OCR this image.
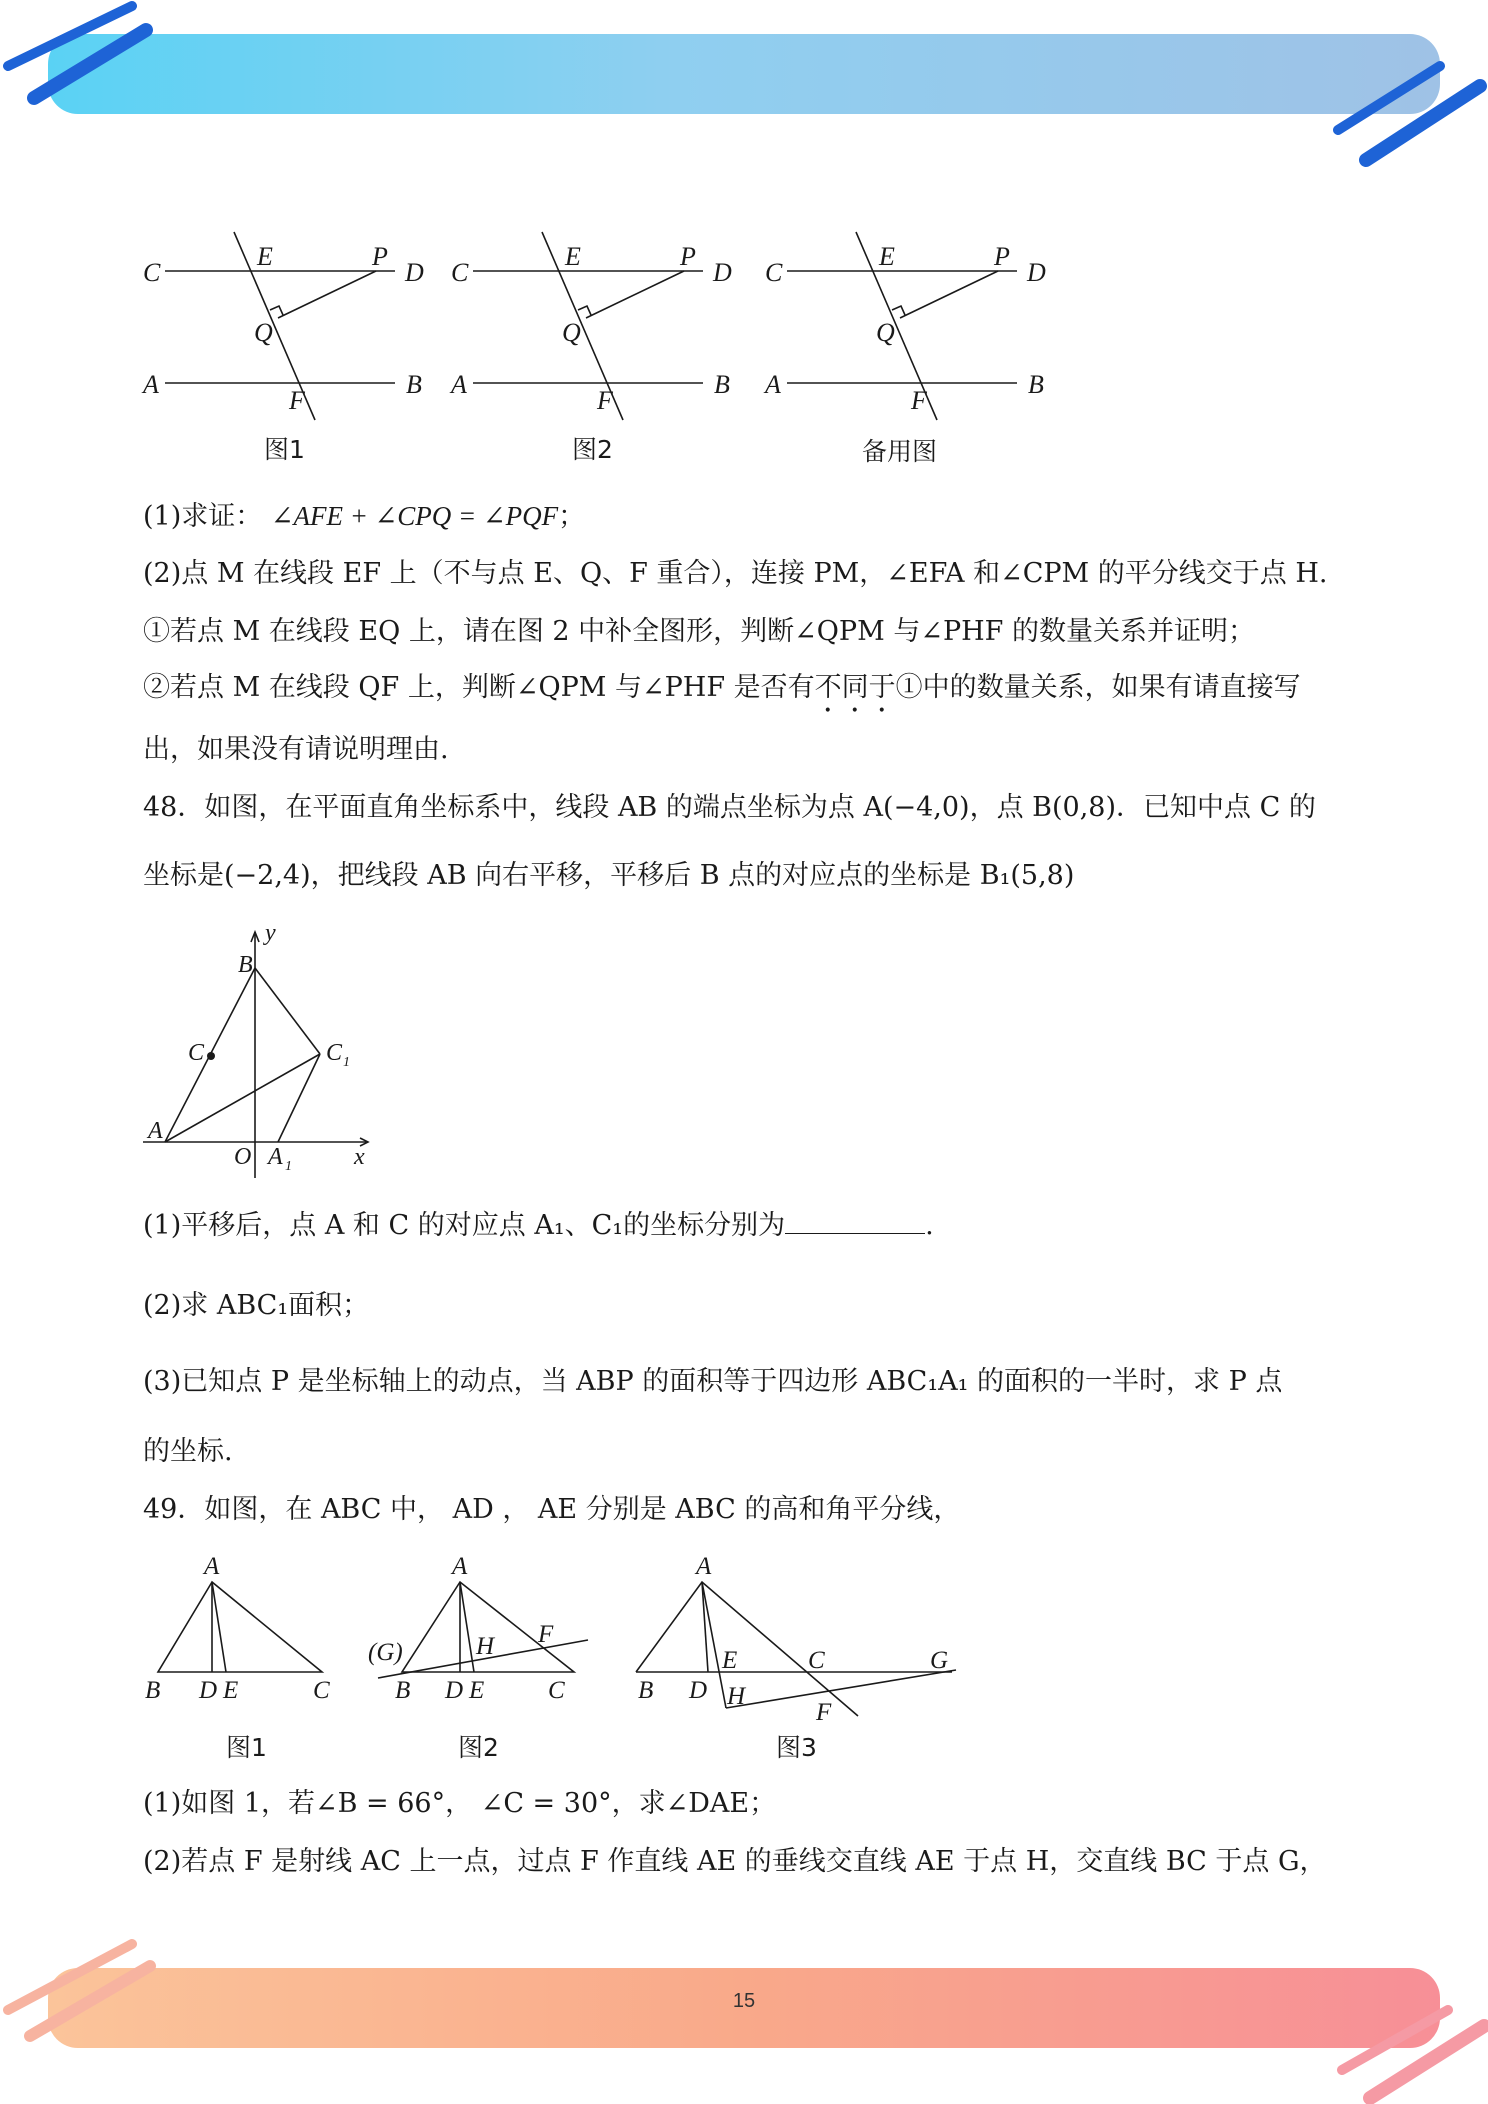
C
E	P
D
Q
A
F
B
C
E	P
D
Q
A
F
B
C
E	P
D
Q
A
F
B
图1	图2	备用图
(1)求证： ∠AFE + ∠CPQ = ∠PQF；
(2)点 M 在线段 EF 上（不与点 E、Q、F 重合），连接 PM，∠EFA 和∠CPM 的平分线交于点 H.
①若点 M 在线段 EQ 上，请在图 2 中补全图形，判断∠QPM 与∠PHF 的数量关系并证明；
②若点 M 在线段 QF 上，判断∠QPM 与∠PHF 是否有不同于①中的数量关系，如果有请直接写
出，如果没有请说明理由.
48．如图，在平面直角坐标系中，线段 AB 的端点坐标为点 A(−4,0)，点 B(0,8)．已知中点 C 的
坐标是(−2,4)，把线段 AB 向右平移，平移后 B 点的对应点的坐标是 B₁(5,8)
y
B
C	C 1
A
O A 1	x
(1)平移后，点 A 和 C 的对应点 A₁、C₁的坐标分别为	.
(2)求 ABC₁面积；
(3)已知点 P 是坐标轴上的动点，当 ABP 的面积等于四边形 ABC₁A₁ 的面积的一半时，求 P 点
的坐标.
49．如图，在 ABC 中， AD ， AE 分别是 ABC 的高和角平分线，
A
B D E	C
A
(G)	H F
B D E	C
A
B D
E
H
C
F
G
图1	图2	图3
(1)如图 1，若∠B = 66°， ∠C = 30°，求∠DAE；
(2)若点 F 是射线 AC 上一点，过点 F 作直线 AE 的垂线交直线 AE 于点 H，交直线 BC 于点 G，
15
